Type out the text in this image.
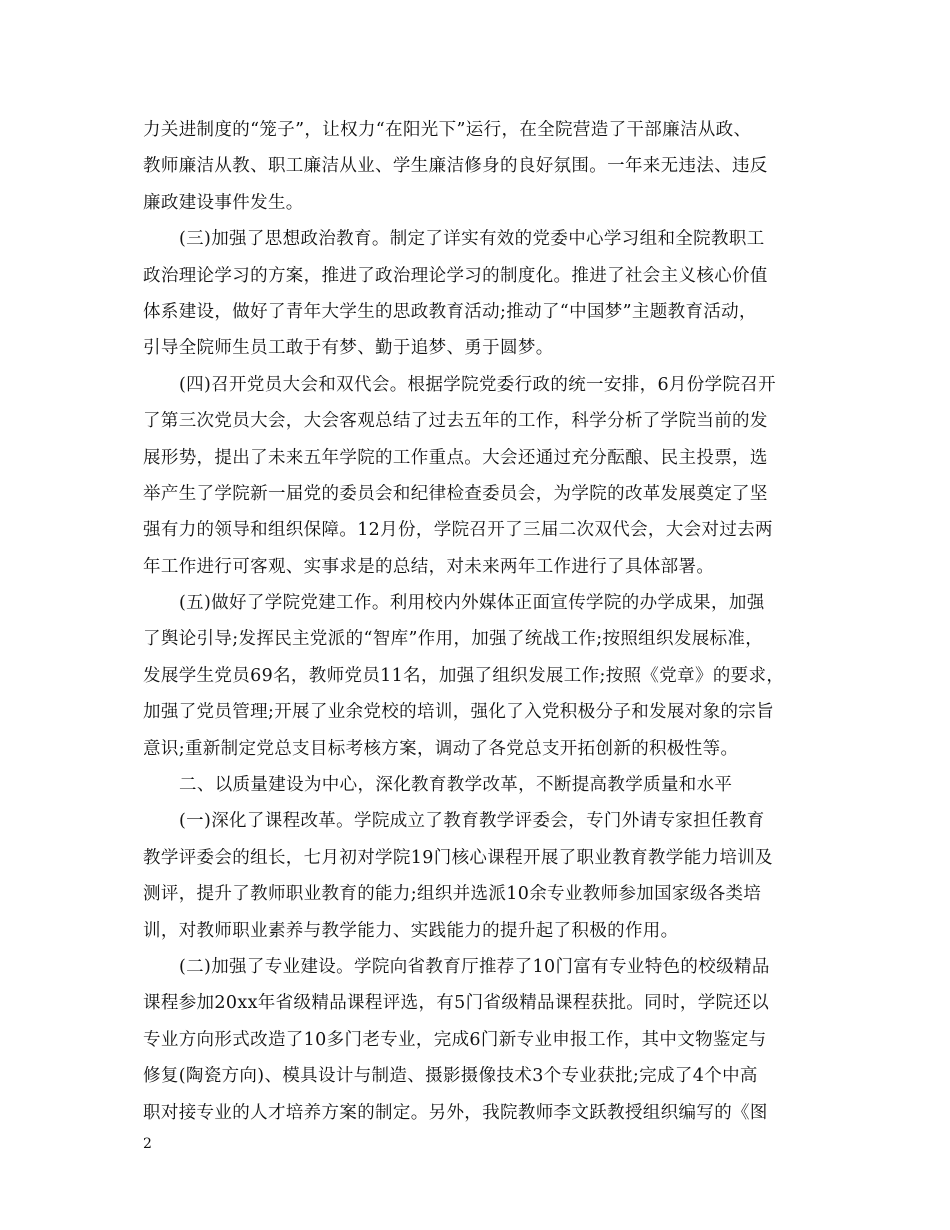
力关进制度的“笼子”，让权力“在阳光下”运行，在全院营造了干部廉洁从政、
教师廉洁从教、职工廉洁从业、学生廉洁修身的良好氛围。一年来无违法、违反
廉政建设事件发生。
(三)加强了思想政治教育。制定了详实有效的党委中心学习组和全院教职工
政治理论学习的方案，推进了政治理论学习的制度化。推进了社会主义核心价值
体系建设，做好了青年大学生的思政教育活动;推动了“中国梦”主题教育活动，
引导全院师生员工敢于有梦、勤于追梦、勇于圆梦。
(四)召开党员大会和双代会。根据学院党委行政的统一安排，6月份学院召开
了第三次党员大会，大会客观总结了过去五年的工作，科学分析了学院当前的发
展形势，提出了未来五年学院的工作重点。大会还通过充分酝酿、民主投票，选
举产生了学院新一届党的委员会和纪律检查委员会，为学院的改革发展奠定了坚
强有力的领导和组织保障。12月份，学院召开了三届二次双代会，大会对过去两
年工作进行可客观、实事求是的总结，对未来两年工作进行了具体部署。
(五)做好了学院党建工作。利用校内外媒体正面宣传学院的办学成果，加强
了舆论引导;发挥民主党派的“智库”作用，加强了统战工作;按照组织发展标准，
发展学生党员69名，教师党员11名，加强了组织发展工作;按照《党章》的要求，
加强了党员管理;开展了业余党校的培训，强化了入党积极分子和发展对象的宗旨
意识;重新制定党总支目标考核方案，调动了各党总支开拓创新的积极性等。
二、以质量建设为中心，深化教育教学改革，不断提高教学质量和水平
(一)深化了课程改革。学院成立了教育教学评委会，专门外请专家担任教育
教学评委会的组长，七月初对学院19门核心课程开展了职业教育教学能力培训及
测评，提升了教师职业教育的能力;组织并选派10余专业教师参加国家级各类培
训，对教师职业素养与教学能力、实践能力的提升起了积极的作用。
(二)加强了专业建设。学院向省教育厅推荐了10门富有专业特色的校级精品
课程参加20xx年省级精品课程评选，有5门省级精品课程获批。同时，学院还以
专业方向形式改造了10多门老专业，完成6门新专业申报工作，其中文物鉴定与
修复(陶瓷方向)、模具设计与制造、摄影摄像技术3个专业获批;完成了4个中高
职对接专业的人才培养方案的制定。另外，我院教师李文跃教授组织编写的《图
2
